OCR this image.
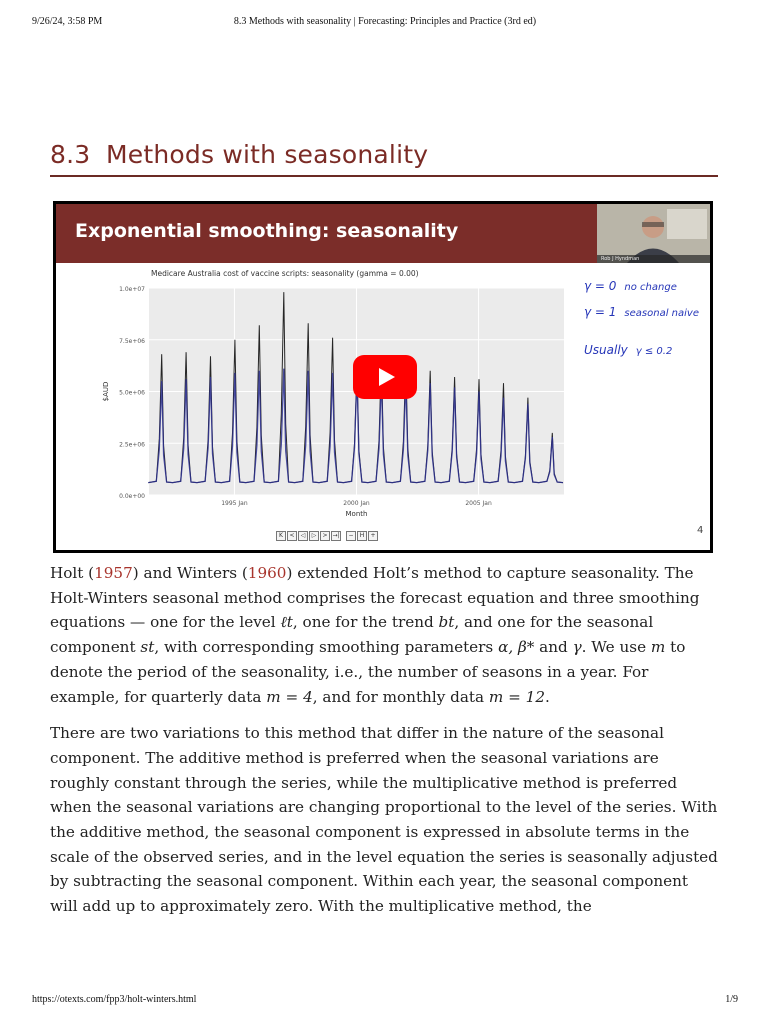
9/26/24, 3:58 PM	8.3 Methods with seasonality | Forecasting: Principles and Practice (3rd ed)
8.3 Methods with seasonality
Exponential smoothing: seasonality
Rob J Hyndman
0.0e+00
2.5e+06
5.0e+06
7.5e+06
1.0e+07
1995 Jan	2000 Jan	2005 Jan
Medicare Australia cost of vaccine scripts: seasonality (gamma = 0.00)
Month
$AUD
γ = 0 no change
γ = 1 seasonal naive
Usually γ ≤ 0.2
K < ◁ ▷ > →| − H +	4

Holt (1957) and Winters (1960) extended Holt’s method to capture seasonality. The Holt-Winters seasonal method comprises the forecast equation and three smoothing equations — one for the level ℓt, one for the trend bt, and one for the seasonal component st, with corresponding smoothing parameters α, β* and γ. We use m to denote the period of the seasonality, i.e., the number of seasons in a year. For example, for quarterly data m = 4, and for monthly data m = 12.

There are two variations to this method that differ in the nature of the seasonal component. The additive method is preferred when the seasonal variations are roughly constant through the series, while the multiplicative method is preferred when the seasonal variations are changing proportional to the level of the series. With the additive method, the seasonal component is expressed in absolute terms in the scale of the observed series, and in the level equation the series is seasonally adjusted by subtracting the seasonal component. Within each year, the seasonal component will add up to approximately zero. With the multiplicative method, the

https://otexts.com/fpp3/holt-winters.html	1/9
